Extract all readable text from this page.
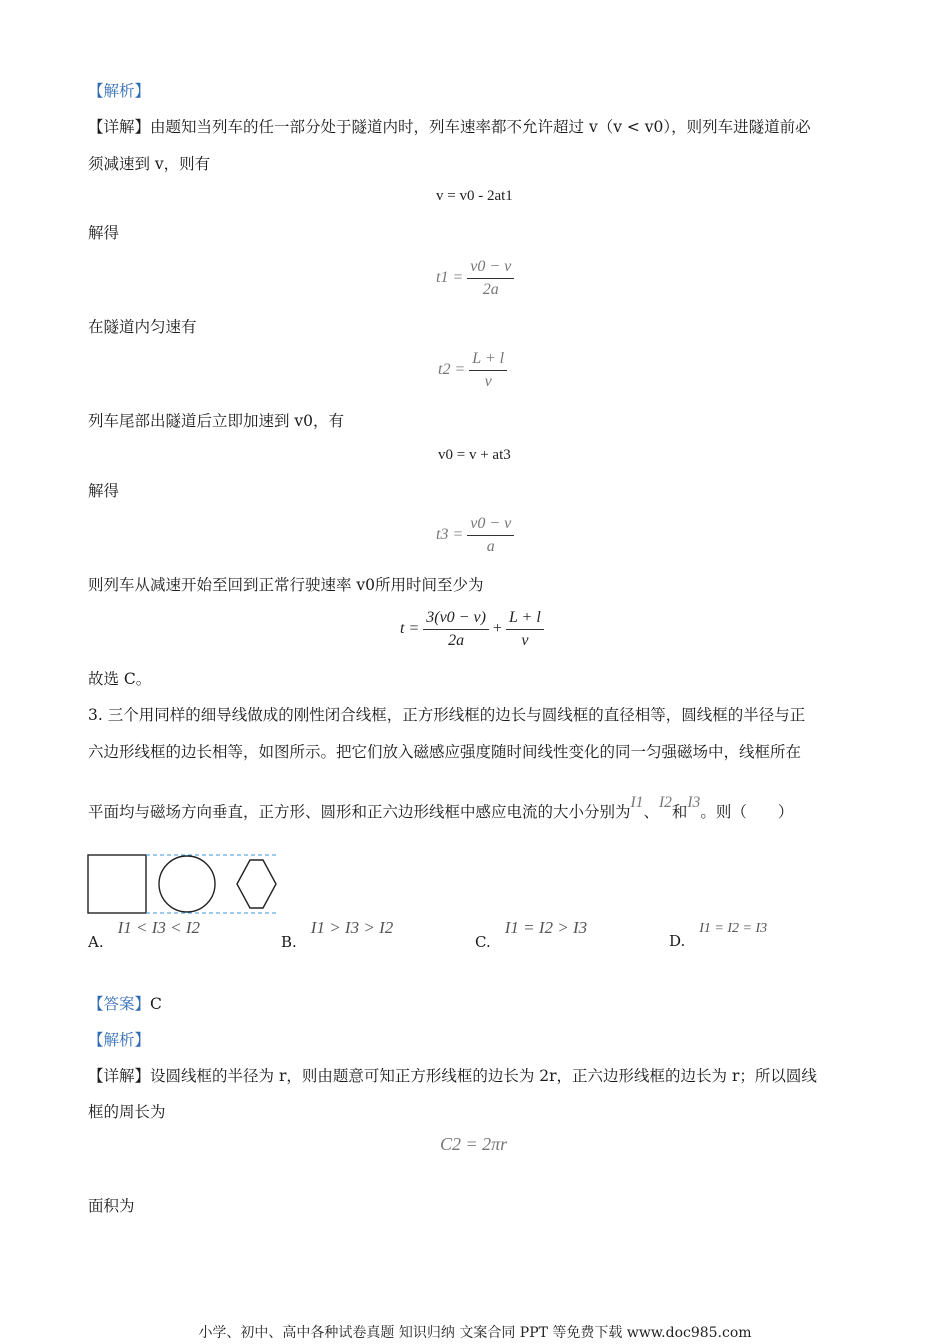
【解析】
【详解】由题知当列车的任一部分处于隧道内时，列车速率都不允许超过 v（v < v0），则列车进隧道前必
须减速到 v，则有
v = v0 - 2at1
解得
$t1 = \frac{v0 - v}{2a}$
在隧道内匀速有
$t2 = \frac{L + l}{v}$
列车尾部出隧道后立即加速到 v0，有
v0 = v + at3
解得
$t3 = \frac{v0 - v}{a}$
则列车从减速开始至回到正常行驶速率 v0所用时间至少为
$t = \frac{3(v0 - v)}{2a} + \frac{L + l}{v}$
故选 C。
3. 三个用同样的细导线做成的刚性闭合线框，正方形线框的边长与圆线框的直径相等，圆线框的半径与正
六边形线框的边长相等，如图所示。把它们放入磁感应强度随时间线性变化的同一匀强磁场中，线框所在
平面均与磁场方向垂直，正方形、圆形和正六边形线框中感应电流的大小分别为I1、I2和I3。则（　　）
A.I1 < I3 < I2
B.I1 > I3 > I2
C.I1 = I2 > I3
D.I1 = I2 = I3
【答案】C
【解析】
【详解】设圆线框的半径为 r，则由题意可知正方形线框的边长为 2r，正六边形线框的边长为 r；所以圆线
框的周长为
C2 = 2πr
面积为
小学、初中、高中各种试卷真题 知识归纳 文案合同 PPT 等免费下载 www.doc985.com
